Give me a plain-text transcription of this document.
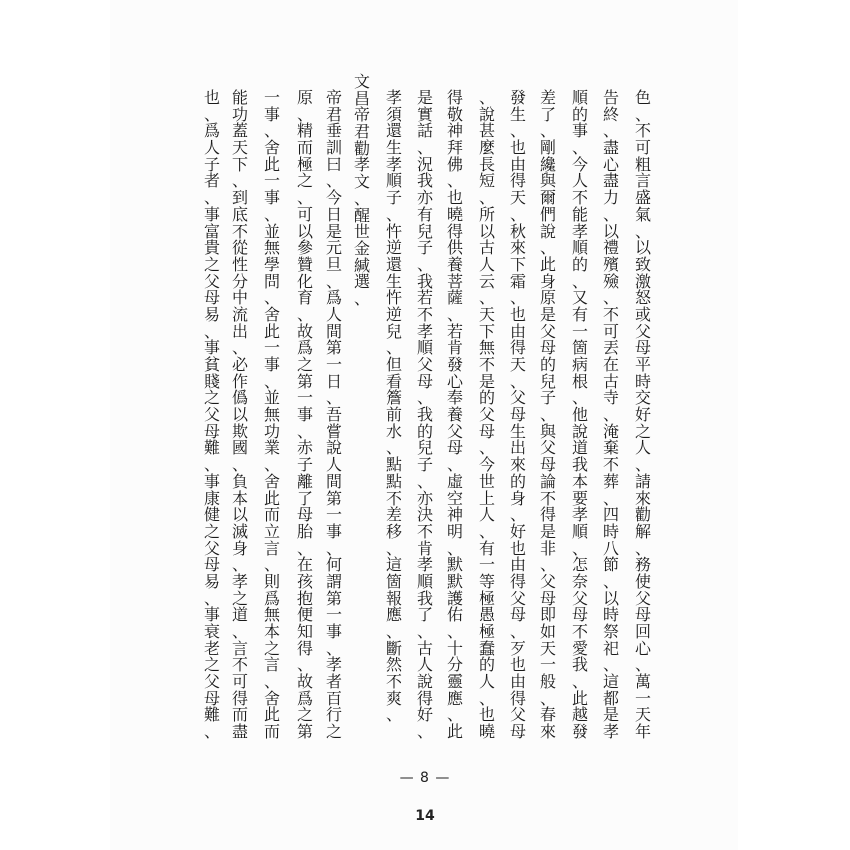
色
、
不
可
粗
言
盛
氣
、
以
致
激
怒
或
父
母
平
時
交
好
之
人
、
請
來
勸
解
、
務
使
父
母
回
心
、
萬
一
天
年
告
終
、
盡
心
盡
力
、
以
禮
殯
殮
、
不
可
丟
在
古
寺
、
淹
棄
不
葬
、
四
時
八
節
、
以
時
祭
祀
、
這
都
是
孝
順
的
事
、
今
人
不
能
孝
順
的
、
又
有
一
箇
病
根
、
他
說
道
我
本
要
孝
順
、
怎
奈
父
母
不
愛
我
、
此
越
發
差
了
、
剛
纔
與
爾
們
說
、
此
身
原
是
父
母
的
兒
子
、
與
父
母
論
不
得
是
非
、
父
母
即
如
天
一
般
、
春
來
發
生
、
也
由
得
天
、
秋
來
下
霜
、
也
由
得
天
、
父
母
生
出
來
的
身
、
好
也
由
得
父
母
、
歹
也
由
得
父
母
、
說
甚
麼
長
短
、
所
以
古
人
云
、
天
下
無
不
是
的
父
母
、
今
世
上
人
、
有
一
等
極
愚
極
蠢
的
人
、
也
曉
得
敬
神
拜
佛
、
也
曉
得
供
養
菩
薩
、
若
肯
發
心
奉
養
父
母
、
虛
空
神
明
、
默
默
護
佑
、
十
分
靈
應
、
此
是
實
話
、
況
我
亦
有
兒
子
、
我
若
不
孝
順
父
母
、
我
的
兒
子
、
亦
決
不
肯
孝
順
我
了
、
古
人
說
得
好
、
孝
須
還
生
孝
順
子
、
忤
逆
還
生
忤
逆
兒
、
但
看
簷
前
水
、
點
點
不
差
移
、
這
箇
報
應
、
斷
然
不
爽
、
文
昌
帝
君
勸
孝
文
、
醒
世
金
緘
選
、
帝
君
垂
訓
曰
、
今
日
是
元
旦
、
爲
人
間
第
一
日
、
吾
嘗
說
人
間
第
一
事
、
何
謂
第
一
事
、
孝
者
百
行
之
原
、
精
而
極
之
、
可
以
參
贊
化
育
、
故
爲
之
第
一
事
、
赤
子
離
了
母
胎
、
在
孩
抱
便
知
得
、
故
爲
之
第
一
事
、
舍
此
一
事
、
並
無
學
問
、
舍
此
一
事
、
並
無
功
業
、
舍
此
而
立
言
、
則
爲
無
本
之
言
、
舍
此
而
能
功
蓋
天
下
、
到
底
不
從
性
分
中
流
出
、
必
作
僞
以
欺
國
、
負
本
以
滅
身
、
孝
之
道
、
言
不
可
得
而
盡
也
、
爲
人
子
者
、
事
富
貴
之
父
母
易
、
事
貧
賤
之
父
母
難
、
事
康
健
之
父
母
易
、
事
衰
老
之
父
母
難
、
— 8 —
14
